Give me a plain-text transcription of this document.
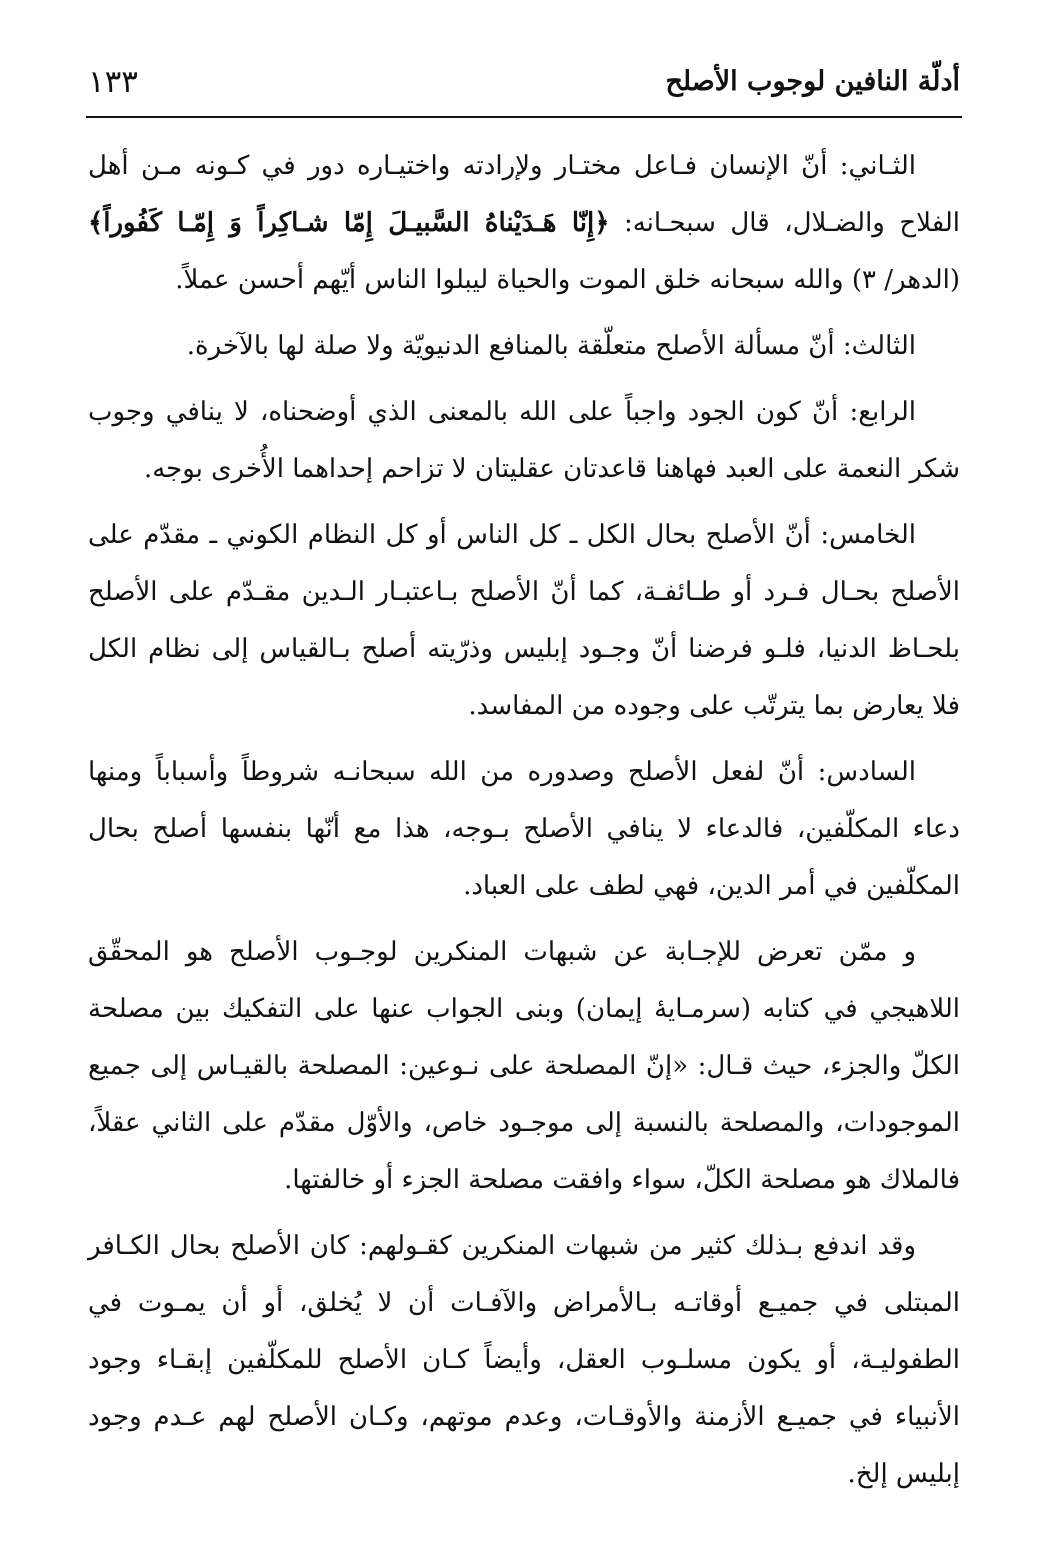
أدلّة النافين لوجوب الأصلح
١٣٣

الثـاني: أنّ الإنسان فـاعل مختـار ولإرادته واختيـاره دور في كـونه مـن أهل الفلاح والضـلال، قال سبحـانه: ﴿إِنّا هَـدَيْناهُ السَّبيـلَ إِمّا شـاكِراً وَ إِمّـا كَفُوراً﴾ (الدهر/ ٣) والله سبحانه خلق الموت والحياة ليبلوا الناس أيّهم أحسن عملاً.

الثالث: أنّ مسألة الأصلح متعلّقة بالمنافع الدنيويّة ولا صلة لها بالآخرة.

الرابع: أنّ كون الجود واجباً على الله بالمعنى الذي أوضحناه، لا ينافي وجوب شكر النعمة على العبد فهاهنا قاعدتان عقليتان لا تزاحم إحداهما الأُخرى بوجه.

الخامس: أنّ الأصلح بحال الكل ـ كل الناس أو كل النظام الكوني ـ مقدّم على الأصلح بحـال فـرد أو طـائفـة، كما أنّ الأصلح بـاعتبـار الـدين مقـدّم على الأصلح بلحـاظ الدنيا، فلـو فرضنا أنّ وجـود إبليس وذرّيته أصلح بـالقياس إلى نظام الكل فلا يعارض بما يترتّب على وجوده من المفاسد.

السادس: أنّ لفعل الأصلح وصدوره من الله سبحانـه شروطاً وأسباباً ومنها دعاء المكلّفين، فالدعاء لا ينافي الأصلح بـوجه، هذا مع أنّها بنفسها أصلح بحال المكلّفين في أمر الدين، فهي لطف على العباد.

و ممّن تعرض للإجـابة عن شبهات المنكرين لوجـوب الأصلح هو المحقّق اللاهيجي في كتابه (سرمـايۀ إيمان) وبنى الجواب عنها على التفكيك بين مصلحة الكلّ والجزء، حيث قـال: «إنّ المصلحة على نـوعين: المصلحة بالقيـاس إلى جميع الموجودات، والمصلحة بالنسبة إلى موجـود خاص، والأوّل مقدّم على الثاني عقلاً، فالملاك هو مصلحة الكلّ، سواء وافقت مصلحة الجزء أو خالفتها.

وقد اندفع بـذلك كثير من شبهات المنكرين كقـولهم: كان الأصلح بحال الكـافر المبتلى في جميـع أوقاتـه بـالأمراض والآفـات أن لا يُخلق، أو أن يمـوت في الطفوليـة، أو يكون مسلـوب العقل، وأيضاً كـان الأصلح للمكلّفين إبقـاء وجود الأنبياء في جميـع الأزمنة والأوقـات، وعدم موتهم، وكـان الأصلح لهم عـدم وجود إبليس إلخ.
